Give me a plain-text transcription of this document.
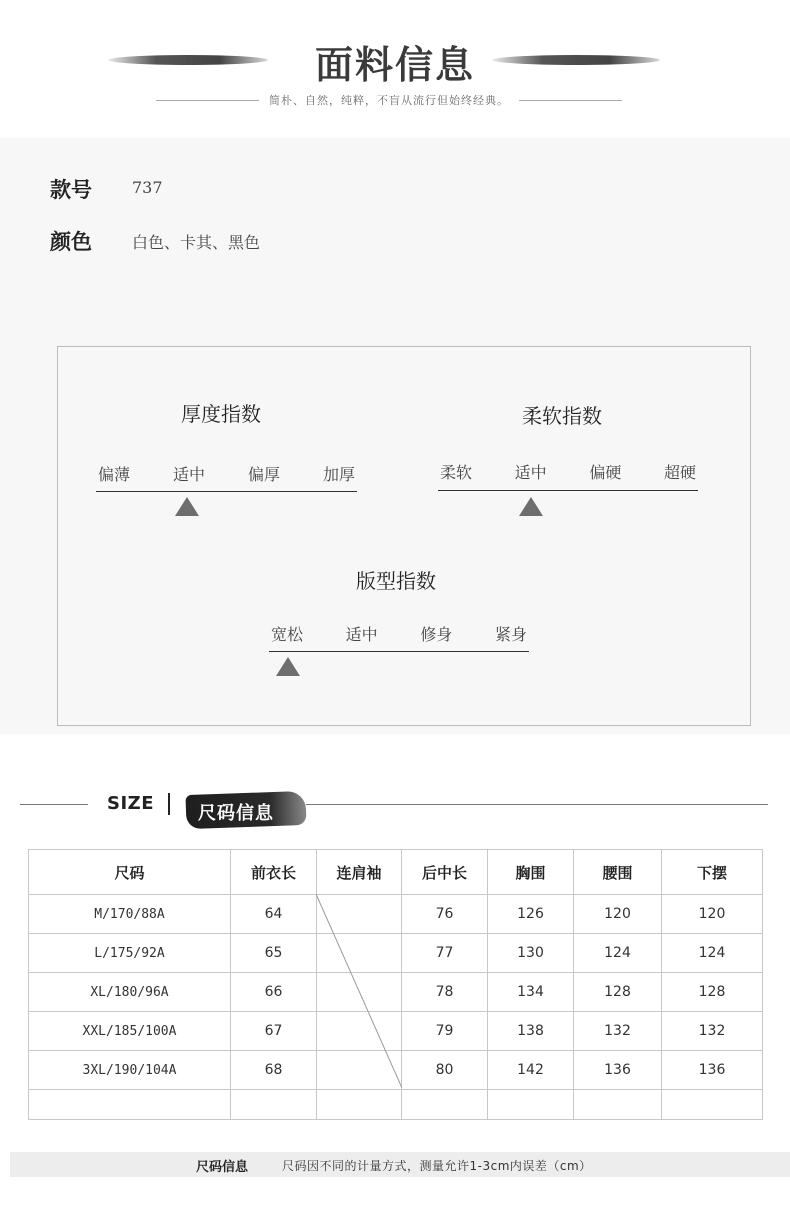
面料信息
简朴、自然，纯粹，不盲从流行但始终经典。
款号	737
颜色	白色、卡其、黑色
厚度指数
偏薄	适中	偏厚	加厚
柔软指数
柔软	适中	偏硬	超硬
版型指数
宽松	适中	修身	紧身
SIZE 尺码信息
尺码	前衣长	连肩袖	后中长	胸围	腰围	下摆
M/170/88A	64		76	126	120	120
L/175/92A	65		77	130	124	124
XL/180/96A	66		78	134	128	128
XXL/185/100A	67		79	138	132	132
3XL/190/104A	68		80	142	136	136

尺码信息	尺码因不同的计量方式，测量允许1-3cm内误差（cm）
